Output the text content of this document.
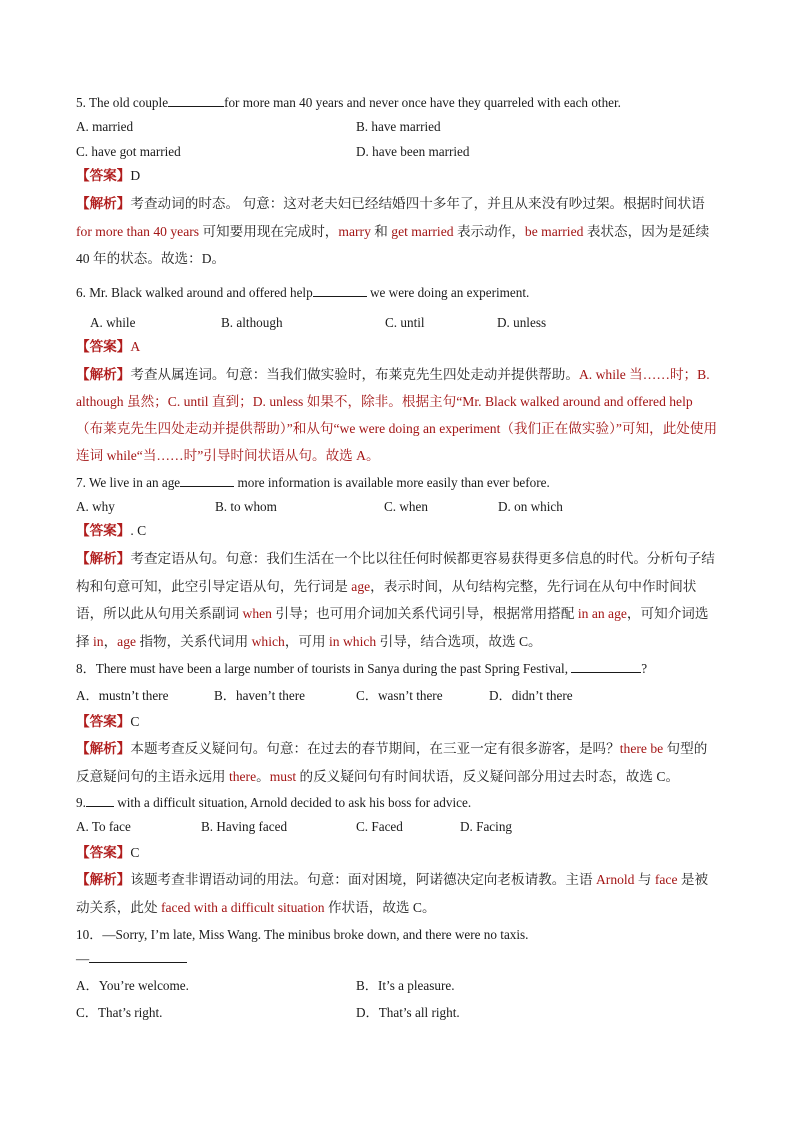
5. The old couple	for more man 40 years and never once have they quarreled with each other.
A. married	B. have married
C. have got married	D. have been married
【答案】D
【解析】考查动词的时态。 句意：这对老夫妇已经结婚四十多年了，并且从来没有吵过架。根据时间状语 for more than 40 years 可知要用现在完成时，marry 和 get married 表示动作，be married 表状态，因为是延续 40 年的状态。故选：D。
6. Mr. Black walked around and offered help	we were doing an experiment.
A. while	B. although	C. until	D. unless
【答案】A
【解析】考查从属连词。句意：当我们做实验时，布莱克先生四处走动并提供帮助。A. while 当……时；B. although 虽然；C. until 直到；D. unless 如果不，除非。根据主句“Mr. Black walked around and offered help（布莱克先生四处走动并提供帮助）”和从句“we were doing an experiment（我们正在做实验）”可知，此处使用连词 while“当……时”引导时间状语从句。故选 A。
7. We live in an age	more information is available more easily than ever before.
A. why	B. to whom	C. when	D. on which
【答案】. C
【解析】考查定语从句。句意：我们生活在一个比以往任何时候都更容易获得更多信息的时代。分析句子结构和句意可知，此空引导定语从句，先行词是 age，表示时间，从句结构完整，先行词在从句中作时间状语，所以此从句用关系副词 when 引导；也可用介词加关系代词引导，根据常用搭配 in an age，可知介词选择 in，age 指物，关系代词用 which，可用 in which 引导，结合选项，故选 C。
8．There must have been a large number of tourists in Sanya during the past Spring Festival,	?
A．mustn’t there	B．haven’t there	C．wasn’t there	D．didn’t there
【答案】C
【解析】本题考查反义疑问句。句意：在过去的春节期间，在三亚一定有很多游客，是吗？there be 句型的反意疑问句的主语永远用 there。must 的反义疑问句有时间状语，反义疑问部分用过去时态，故选 C。
9. with a difficult situation, Arnold decided to ask his boss for advice.
A. To face	B. Having faced	C. Faced	D. Facing
【答案】C
【解析】该题考查非谓语动词的用法。句意：面对困境，阿诺德决定向老板请教。主语 Arnold 与 face 是被动关系，此处 faced with a difficult situation 作状语，故选 C。
10．—Sorry, I’m late, Miss Wang. The minibus broke down, and there were no taxis.
—
A．You’re welcome.	B．It’s a pleasure.
C．That’s right.	D．That’s all right.
